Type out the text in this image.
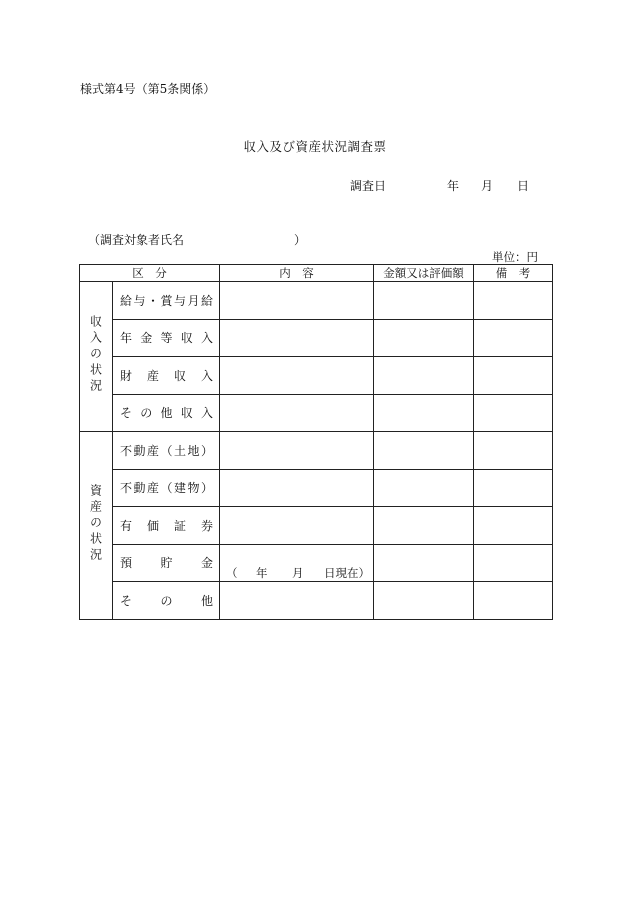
様式第4号（第5条関係）
収入及び資産状況調査票
調査日	年 月 日
（調査対象者氏名	）
単位：円
区　分		内　容	金額又は評価額	備　考
収入の状況	給与・賞与月給			

	年金等収入			

	財産収入			

	その他収入			

資産の状況	不動産（土地）			

	不動産（建物）			

	有価証券			

	預貯金	（ 年 月 日現在）		

	その他			
